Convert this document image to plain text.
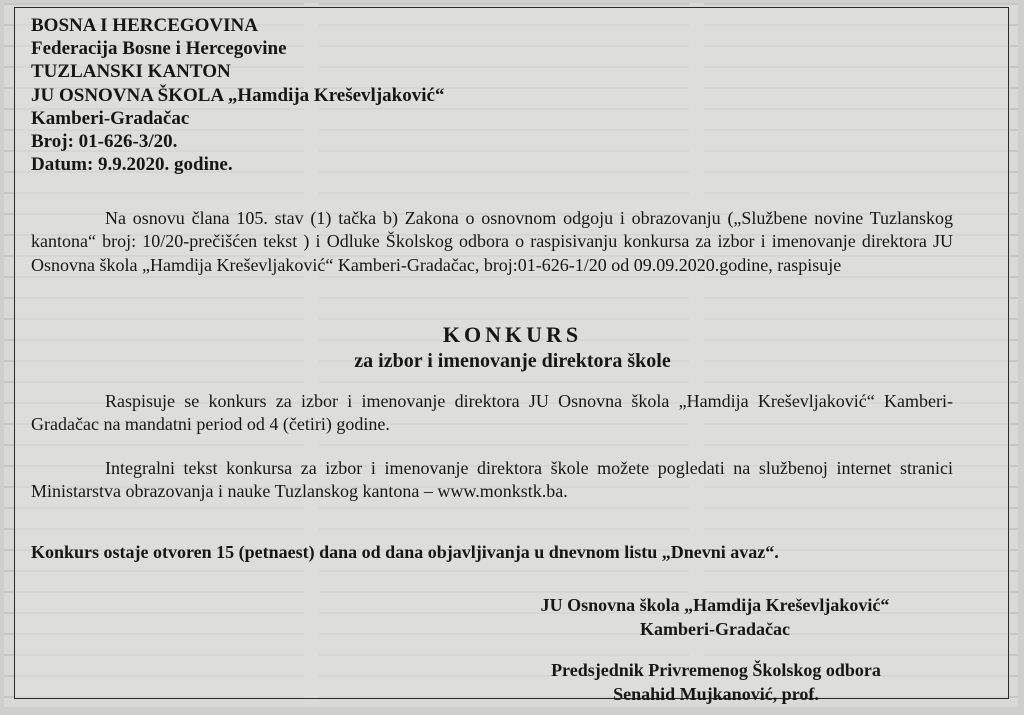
BOSNA I HERCEGOVINA
Federacija Bosne i Hercegovine
TUZLANSKI KANTON
JU OSNOVNA ŠKOLA „Hamdija Kreševljaković“
Kamberi-Gradačac
Broj: 01-626-3/20.
Datum: 9.9.2020. godine.
Na osnovu člana 105. stav (1) tačka b) Zakona o osnovnom odgoju i obrazovanju („Službene novine Tuzlanskog kantona“ broj: 10/20-prečišćen tekst ) i Odluke Školskog odbora o raspisivanju konkursa za izbor i imenovanje direktora JU Osnovna škola „Hamdija Kreševljaković“ Kamberi-Gradačac, broj:01-626-1/20 od 09.09.2020.godine, raspisuje
KONKURS
za izbor i imenovanje direktora škole
Raspisuje se konkurs za izbor i imenovanje direktora JU Osnovna škola „Hamdija Kreševljaković“ Kamberi-Gradačac na mandatni period od 4 (četiri) godine.
Integralni tekst konkursa za izbor i imenovanje direktora škole možete pogledati na službenoj internet stranici Ministarstva obrazovanja i nauke Tuzlanskog kantona – www.monkstk.ba.
Konkurs ostaje otvoren 15 (petnaest) dana od dana objavljivanja u dnevnom listu „Dnevni avaz“.
JU Osnovna škola „Hamdija Kreševljaković“
Kamberi-Gradačac
Predsjednik Privremenog Školskog odbora
Senahid Mujkanović, prof.
